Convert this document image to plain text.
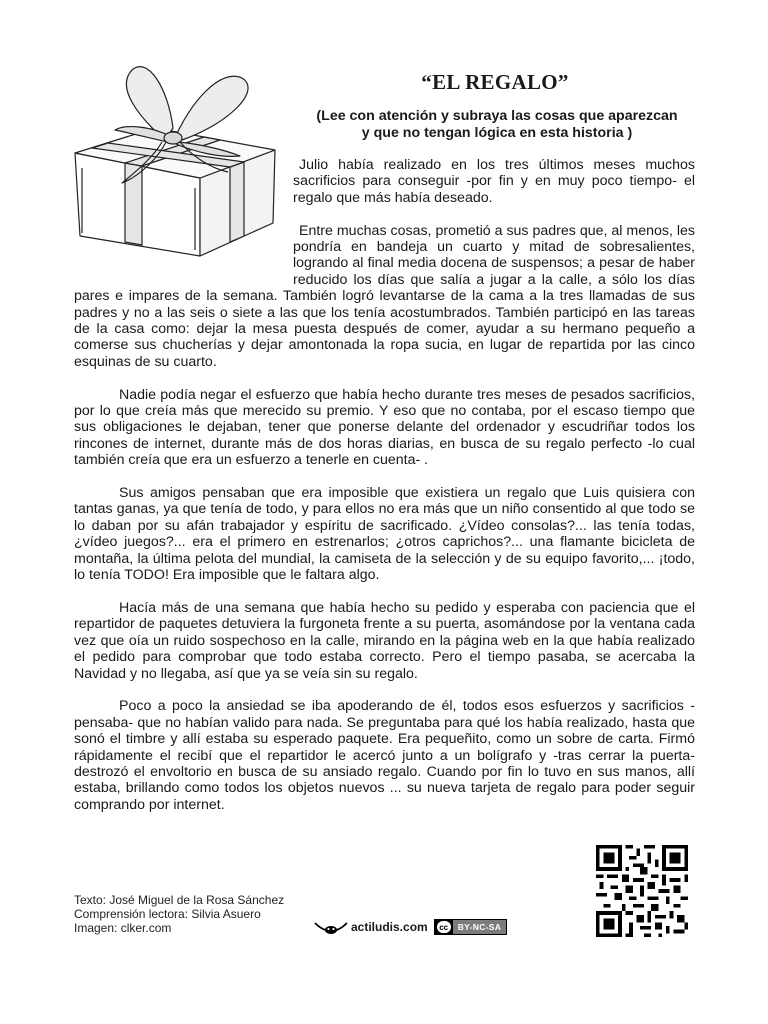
“EL REGALO”
(Lee con atención y subraya las cosas que aparezcan
y que no tengan lógica en esta historia )

Julio había realizado en los tres últimos meses muchos sacrificios para conseguir -por fin y en muy poco tiempo- el regalo que más había deseado.

Entre muchas cosas, prometió a sus padres que, al menos, les pondría en bandeja un cuarto y mitad de sobresalientes, logrando al final media docena de suspensos; a pesar de haber reducido los días que salía a jugar a la calle, a sólo los días pares e impares de la semana. También logró levantarse de la cama a la tres llamadas de sus padres y no a las seis o siete a las que los tenía acostumbrados. También participó en las tareas de la casa como: dejar la mesa puesta después de comer, ayudar a su hermano pequeño a comerse sus chucherías y dejar amontonada la ropa sucia, en lugar de repartida por las cinco esquinas de su cuarto.

Nadie podía negar el esfuerzo que había hecho durante tres meses de pesados sacrificios, por lo que creía más que merecido su premio. Y eso que no contaba, por el escaso tiempo que sus obligaciones le dejaban, tener que ponerse delante del ordenador y escudriñar todos los rincones de internet, durante más de dos horas diarias, en busca de su regalo perfecto -lo cual también creía que era un esfuerzo a tenerle en cuenta- .

Sus amigos pensaban que era imposible que existiera un regalo que Luis quisiera con tantas ganas, ya que tenía de todo, y para ellos no era más que un niño consentido al que todo se lo daban por su afán trabajador y espíritu de sacrificado. ¿Vídeo consolas?... las tenía todas, ¿vídeo juegos?... era el primero en estrenarlos; ¿otros caprichos?... una flamante bicicleta de montaña, la última pelota del mundial, la camiseta de la selección y de su equipo favorito,... ¡todo, lo tenía TODO! Era imposible que le faltara algo.

Hacía más de una semana que había hecho su pedido y esperaba con paciencia que el repartidor de paquetes detuviera la furgoneta frente a su puerta, asomándose por la ventana cada vez que oía un ruido sospechoso en la calle, mirando en la página web en la que había realizado el pedido para comprobar que todo estaba correcto. Pero el tiempo pasaba, se acercaba la Navidad y no llegaba, así que ya se veía sin su regalo.

Poco a poco la ansiedad se iba apoderando de él, todos esos esfuerzos y sacrificios -pensaba- que no habían valido para nada. Se preguntaba para qué los había realizado, hasta que sonó el timbre y allí estaba su esperado paquete. Era pequeñito, como un sobre de carta. Firmó rápidamente el recibí que el repartidor le acercó junto a un bolígrafo y -tras cerrar la puerta- destrozó el envoltorio en busca de su ansiado regalo. Cuando por fin lo tuvo en sus manos, allí estaba, brillando como todos los objetos nuevos ... su nueva tarjeta de regalo para poder seguir comprando por internet.

Texto: José Miguel de la Rosa Sánchez
Comprensión lectora: Silvia Asuero
Imagen: clker.com	actiludis.com	cc	BY-NC-SA
